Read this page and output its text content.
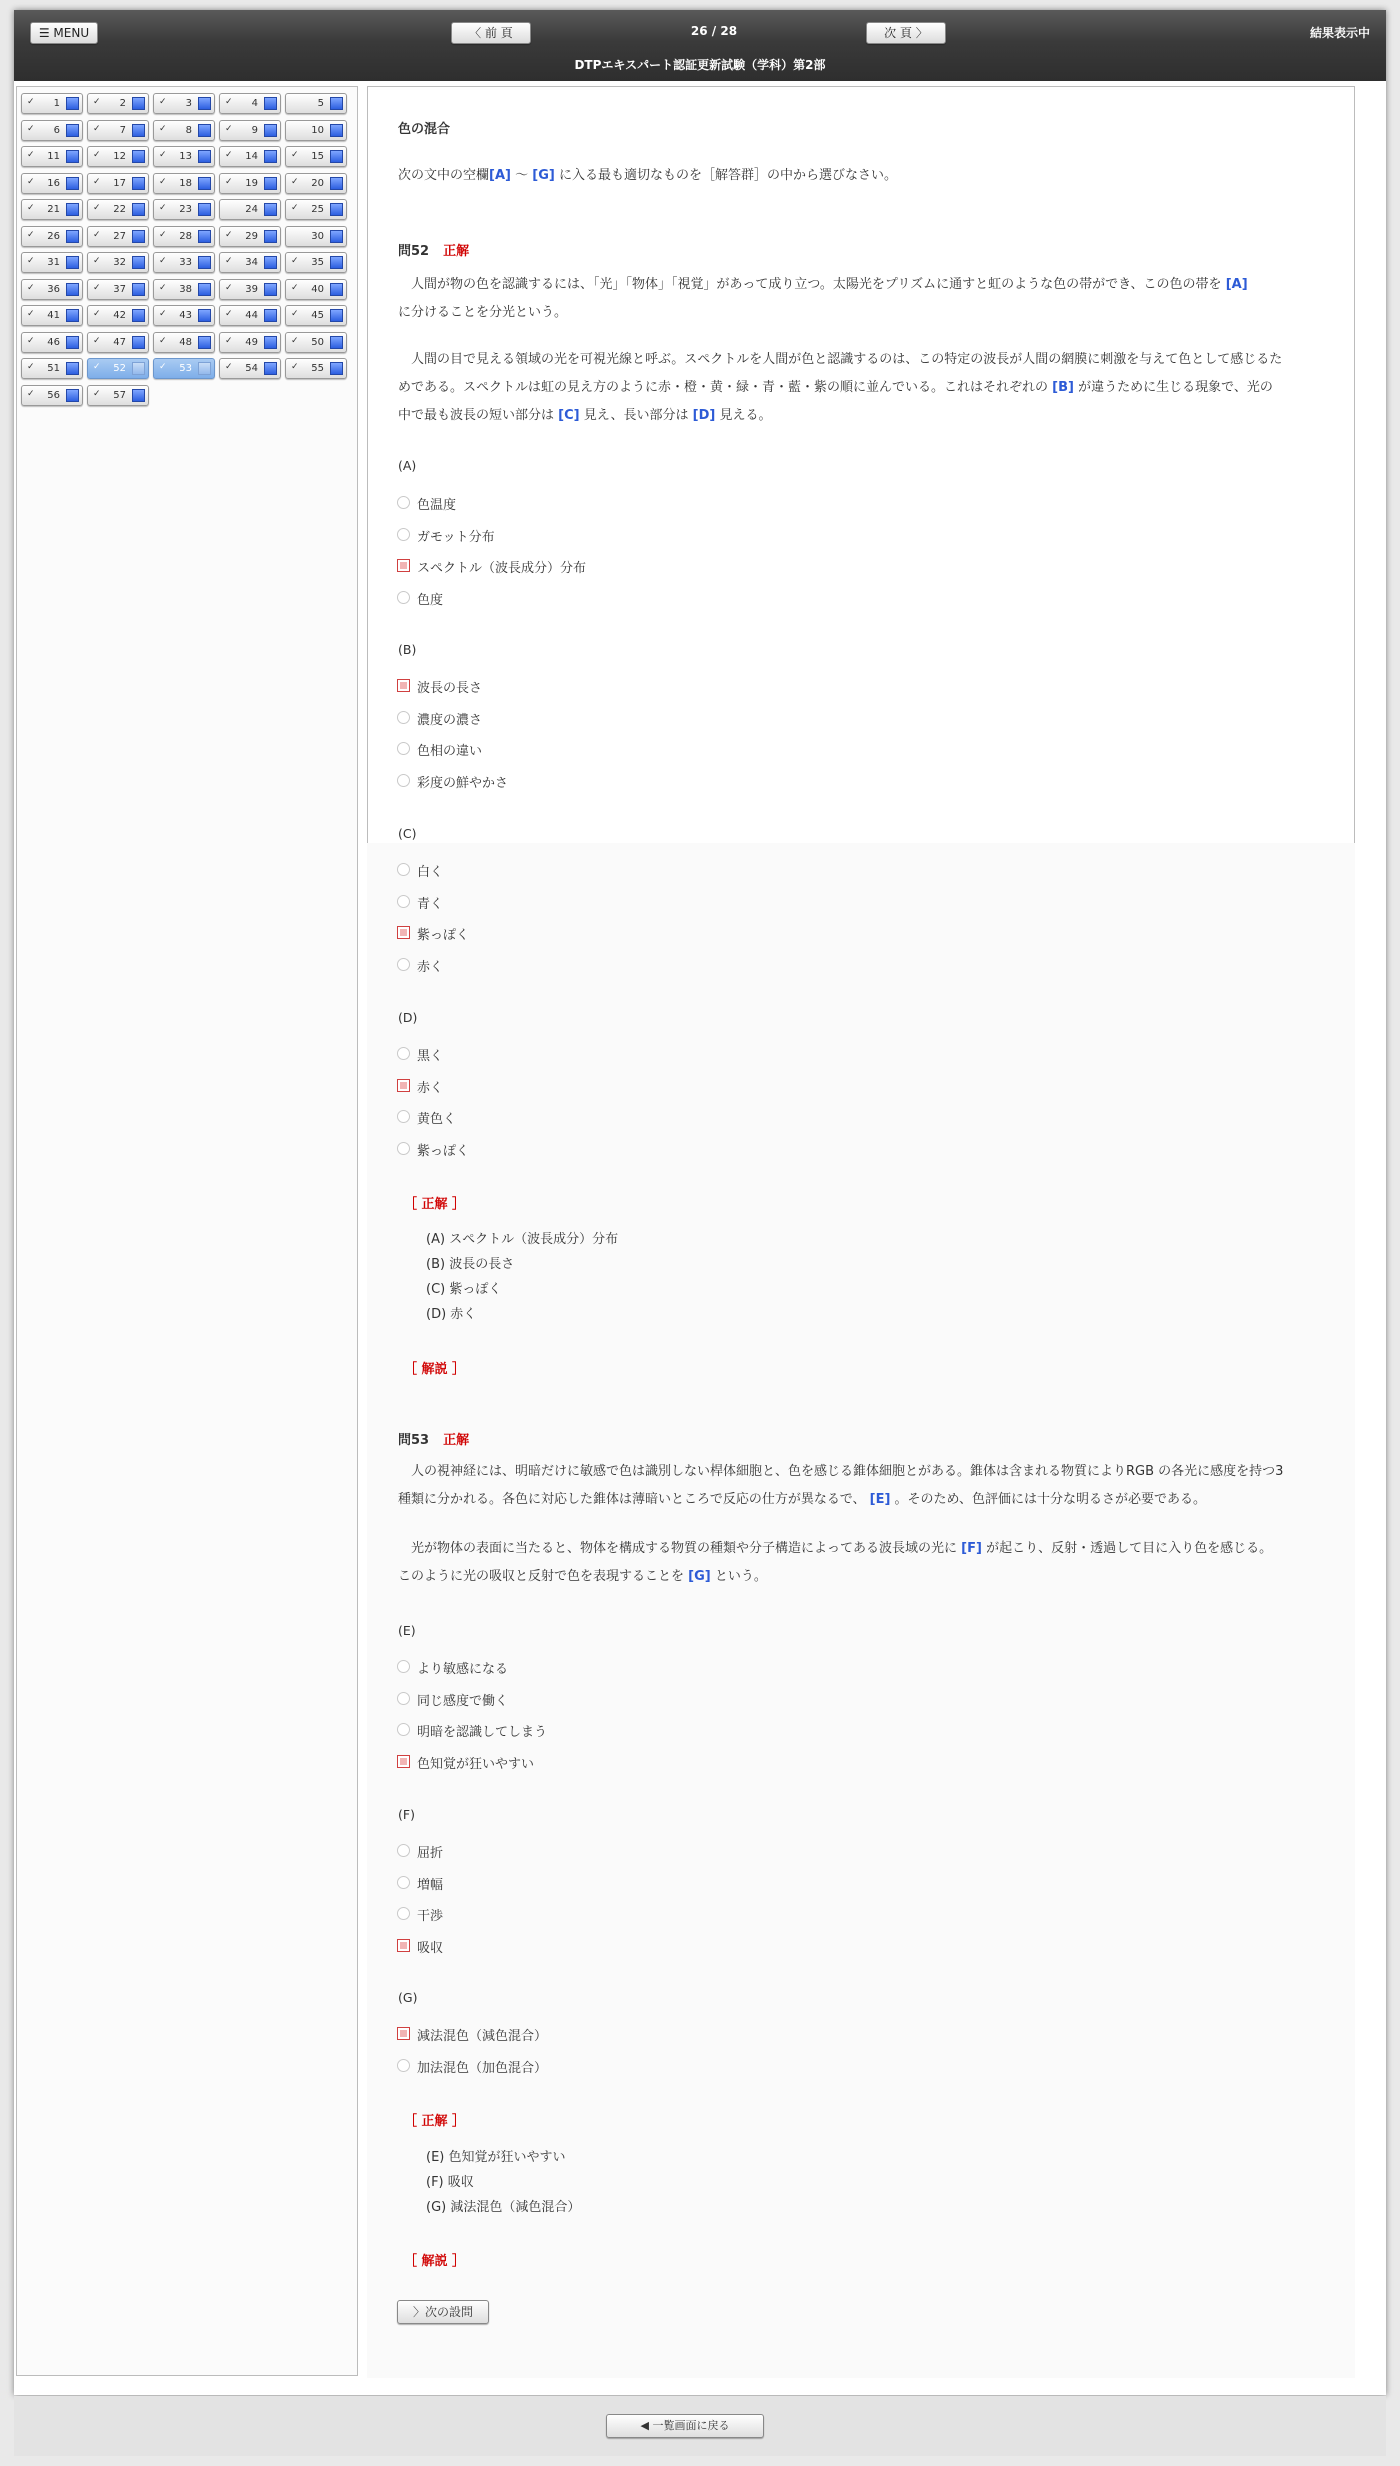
☰ MENU	〈 前 頁	26 / 28	次 頁 〉	結果表示中
DTPエキスパート認証更新試験（学科）第2部
✓ 1	✓ 2	✓ 3	✓ 4	5
✓ 6	✓ 7	✓ 8	✓ 9	10
✓ 11	✓ 12	✓ 13	✓ 14	✓ 15
✓ 16	✓ 17	✓ 18	✓ 19	✓ 20
✓ 21	✓ 22	✓ 23	24	✓ 25
✓ 26	✓ 27	✓ 28	✓ 29	30
✓ 31	✓ 32	✓ 33	✓ 34	✓ 35
✓ 36	✓ 37	✓ 38	✓ 39	✓ 40
✓ 41	✓ 42	✓ 43	✓ 44	✓ 45
✓ 46	✓ 47	✓ 48	✓ 49	✓ 50
✓ 51	✓ 52	✓ 53	✓ 54	✓ 55
✓ 56	✓ 57
色の混合
次の文中の空欄[A] 〜 [G] に入る最も適切なものを［解答群］の中から選びなさい。
問52 正解
　人間が物の色を認識するには、「光」「物体」「視覚」があって成り立つ。太陽光をプリズムに通すと虹のような色の帯ができ、この色の帯を [A]
に分けることを分光という。
　人間の目で見える領域の光を可視光線と呼ぶ。スペクトルを人間が色と認識するのは、この特定の波長が人間の網膜に刺激を与えて色として感じるた
めである。スペクトルは虹の見え方のように赤・橙・黄・緑・青・藍・紫の順に並んでいる。これはそれぞれの [B] が違うために生じる現象で、光の
中で最も波長の短い部分は [C] 見え、長い部分は [D] 見える。
(A)
色温度
ガモット分布
スペクトル（波長成分）分布
色度
(B)
波長の長さ
濃度の濃さ
色相の違い
彩度の鮮やかさ
(C)
白く
青く
紫っぽく
赤く
(D)
黒く
赤く
黄色く
紫っぽく
(E)
より敏感になる
同じ感度で働く
明暗を認識してしまう
色知覚が狂いやすい
(F)
屈折
増幅
干渉
吸収
(G)
減法混色（減色混合）
加法混色（加色混合）
［ 正解 ］
(A) スペクトル（波長成分）分布
(B) 波長の長さ
(C) 紫っぽく
(D) 赤く
［ 解説 ］
問53 正解
　人の視神経には、明暗だけに敏感で色は識別しない桿体細胞と、色を感じる錐体細胞とがある。錐体は含まれる物質によりRGB の各光に感度を持つ3
種類に分かれる。各色に対応した錐体は薄暗いところで反応の仕方が異なるで、 [E] 。そのため、色評価には十分な明るさが必要である。
　光が物体の表面に当たると、物体を構成する物質の種類や分子構造によってある波長域の光に [F] が起こり、反射・透過して目に入り色を感じる。
このように光の吸収と反射で色を表現することを [G] という。
［ 正解 ］
(E) 色知覚が狂いやすい
(F) 吸収
(G) 減法混色（減色混合）
［ 解説 ］
〉次の設問
◀ 一覧画面に戻る
